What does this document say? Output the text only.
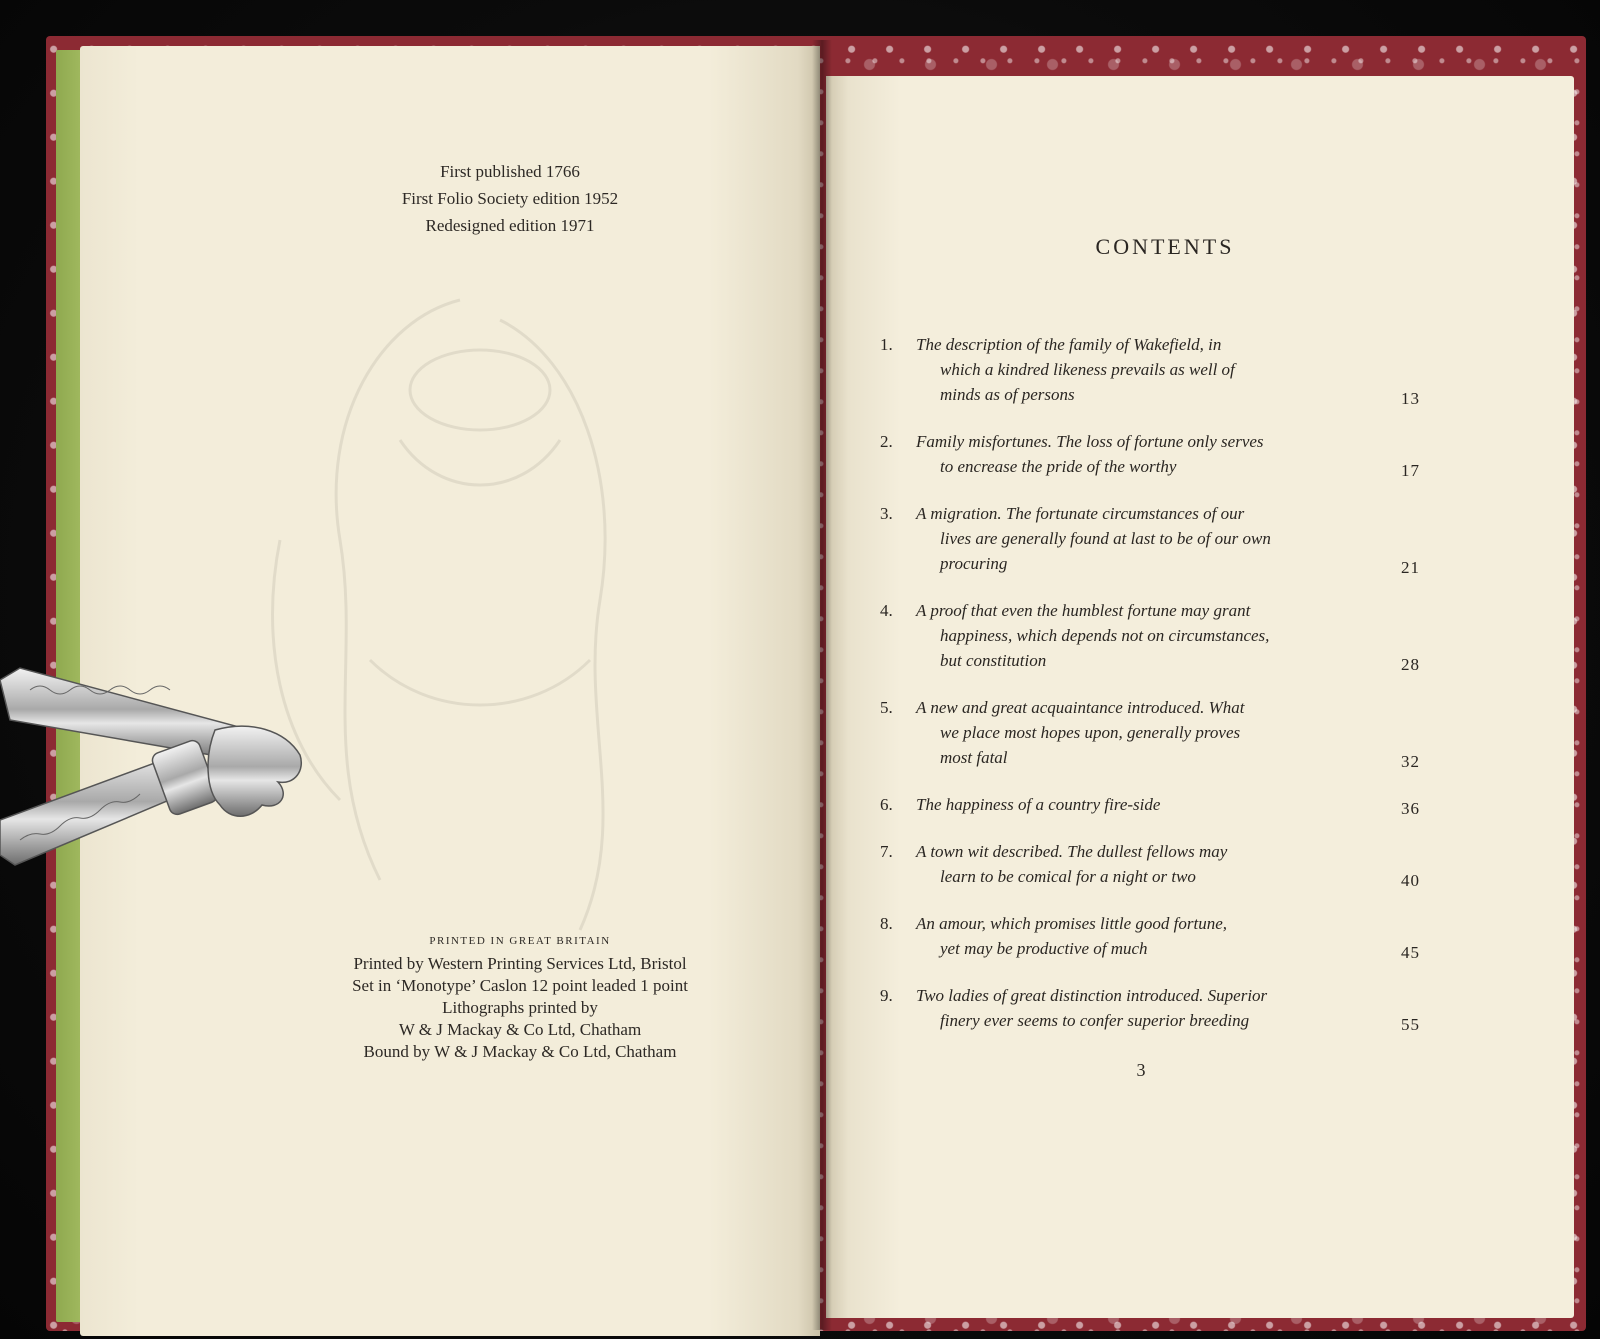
First published 1766
First Folio Society edition 1952
Redesigned edition 1971
PRINTED IN GREAT BRITAIN
Printed by Western Printing Services Ltd, Bristol
Set in ‘Monotype’ Caslon 12 point leaded 1 point
Lithographs printed by
W & J Mackay & Co Ltd, Chatham
Bound by W & J Mackay & Co Ltd, Chatham
CONTENTS
1.	The description of the family of Wakefield, in
which a kindred likeness prevails as well of
minds as of persons	13
2.	Family misfortunes. The loss of fortune only serves
to encrease the pride of the worthy	17
3.	A migration. The fortunate circumstances of our
lives are generally found at last to be of our own
procuring	21
4.	A proof that even the humblest fortune may grant
happiness, which depends not on circumstances,
but constitution	28
5.	A new and great acquaintance introduced. What
we place most hopes upon, generally proves
most fatal	32
6.	The happiness of a country fire-side	36
7.	A town wit described. The dullest fellows may
learn to be comical for a night or two	40
8.	An amour, which promises little good fortune,
yet may be productive of much	45
9.	Two ladies of great distinction introduced. Superior
finery ever seems to confer superior breeding	55
3
